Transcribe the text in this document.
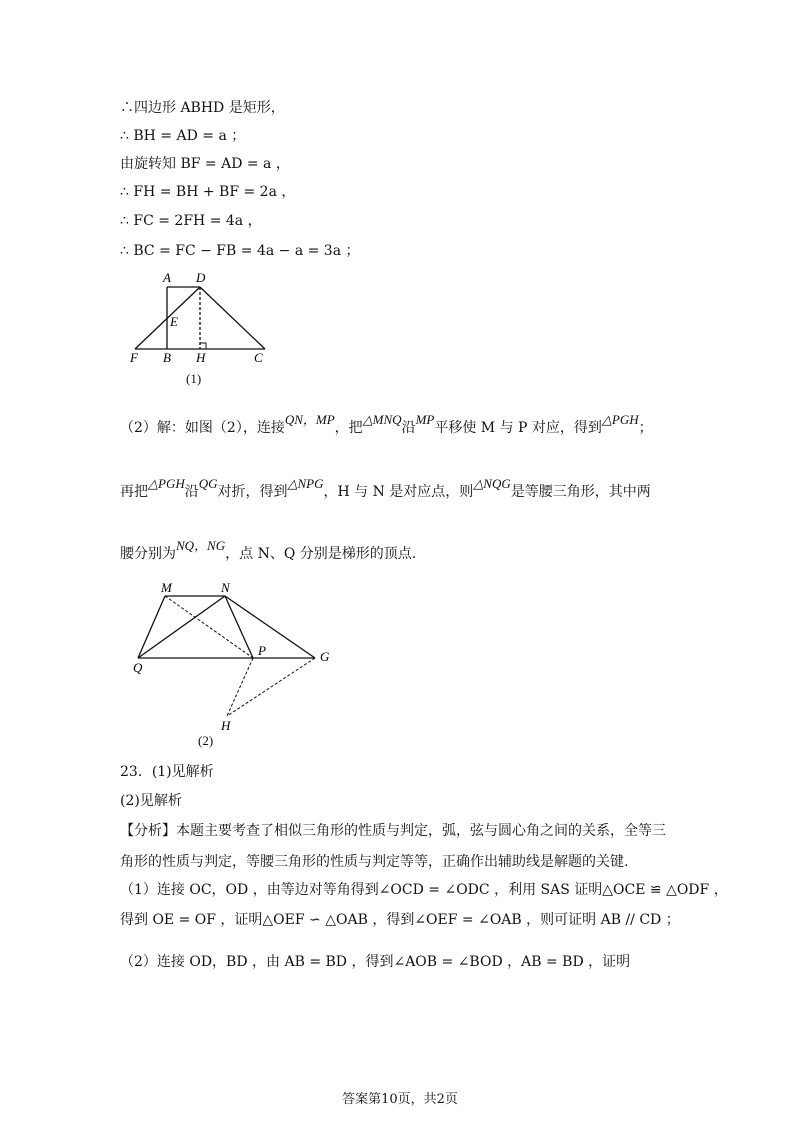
∴四边形 ABHD 是矩形，
∴ BH = AD = a ；
由旋转知 BF = AD = a ，
∴ FH = BH + BF = 2a ，
∴ FC = 2FH = 4a ，
∴ BC = FC − FB = 4a − a = 3a ；
A D
E
F B H	C
(1)
（2）解：如图（2），连接QN，MP，把△MNQ沿MP平移使 M 与 P 对应，得到△PGH；
再把△PGH沿QG对折，得到△NPG，H 与 N 是对应点，则△NQG是等腰三角形，其中两
腰分别为NQ，NG，点 N、Q 分别是梯形的顶点.
M	N
Q
P	G
H
(2)
23．(1)见解析
(2)见解析
【分析】本题主要考查了相似三角形的性质与判定，弧，弦与圆心角之间的关系，全等三
角形的性质与判定，等腰三角形的性质与判定等等，正确作出辅助线是解题的关键.
（1）连接 OC，OD ，由等边对等角得到∠OCD = ∠ODC ，利用 SAS 证明△OCE ≌ △ODF ，
得到 OE = OF ，证明△OEF ∽ △OAB ，得到∠OEF = ∠OAB ，则可证明 AB // CD ；
（2）连接 OD，BD ，由 AB = BD ，得到∠AOB = ∠BOD ，AB = BD ，证明
答案第10页，共2页
